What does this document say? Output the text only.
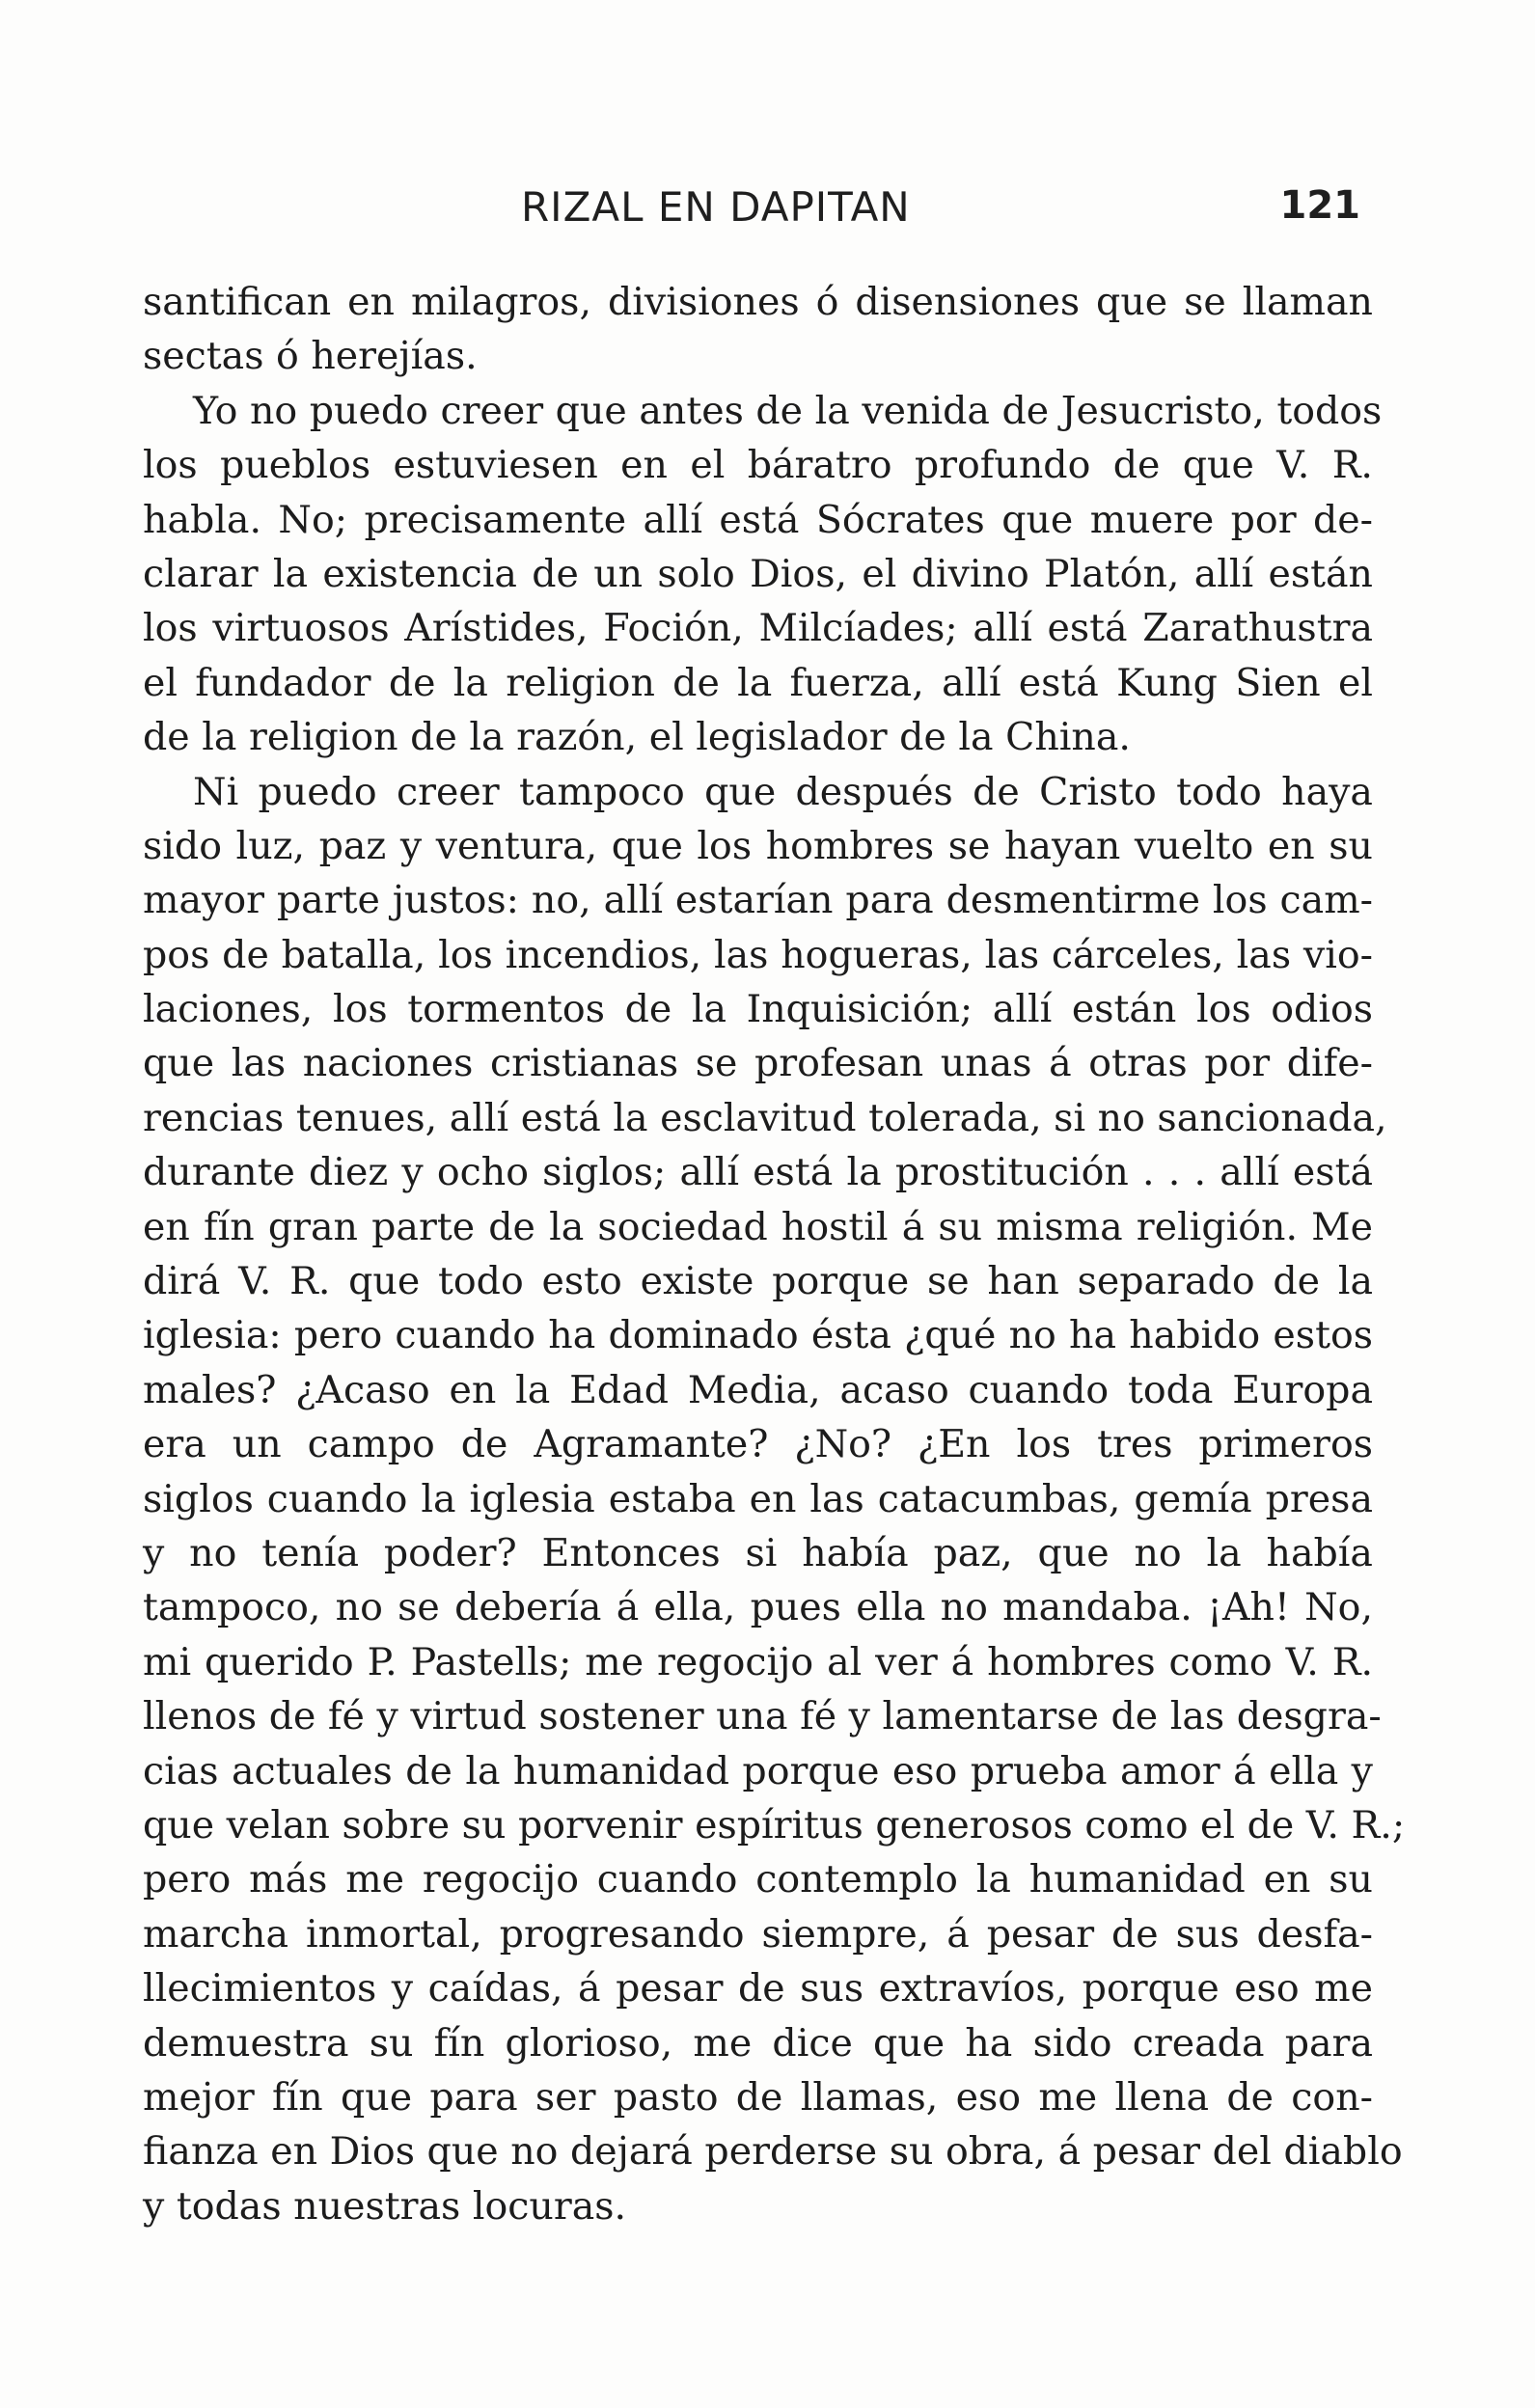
RIZAL EN DAPITAN	121
santifican en milagros, divisiones ó disensiones que se llaman
sectas ó herejías.
Yo no puedo creer que antes de la venida de Jesucristo, todos
los pueblos estuviesen en el báratro profundo de que V. R.
habla. No; precisamente allí está Sócrates que muere por de-
clarar la existencia de un solo Dios, el divino Platón, allí están
los virtuosos Arístides, Foción, Milcíades; allí está Zarathustra
el fundador de la religion de la fuerza, allí está Kung Sien el
de la religion de la razón, el legislador de la China.
Ni puedo creer tampoco que después de Cristo todo haya
sido luz, paz y ventura, que los hombres se hayan vuelto en su
mayor parte justos: no, allí estarían para desmentirme los cam-
pos de batalla, los incendios, las hogueras, las cárceles, las vio-
laciones, los tormentos de la Inquisición; allí están los odios
que las naciones cristianas se profesan unas á otras por dife-
rencias tenues, allí está la esclavitud tolerada, si no sancionada,
durante diez y ocho siglos; allí está la prostitución . . . allí está
en fín gran parte de la sociedad hostil á su misma religión. Me
dirá V. R. que todo esto existe porque se han separado de la
iglesia: pero cuando ha dominado ésta ¿qué no ha habido estos
males? ¿Acaso en la Edad Media, acaso cuando toda Europa
era un campo de Agramante? ¿No? ¿En los tres primeros
siglos cuando la iglesia estaba en las catacumbas, gemía presa
y no tenía poder? Entonces si había paz, que no la había
tampoco, no se debería á ella, pues ella no mandaba. ¡Ah! No,
mi querido P. Pastells; me regocijo al ver á hombres como V. R.
llenos de fé y virtud sostener una fé y lamentarse de las desgra-
cias actuales de la humanidad porque eso prueba amor á ella y
que velan sobre su porvenir espíritus generosos como el de V. R.;
pero más me regocijo cuando contemplo la humanidad en su
marcha inmortal, progresando siempre, á pesar de sus desfa-
llecimientos y caídas, á pesar de sus extravíos, porque eso me
demuestra su fín glorioso, me dice que ha sido creada para
mejor fín que para ser pasto de llamas, eso me llena de con-
fianza en Dios que no dejará perderse su obra, á pesar del diablo
y todas nuestras locuras.
